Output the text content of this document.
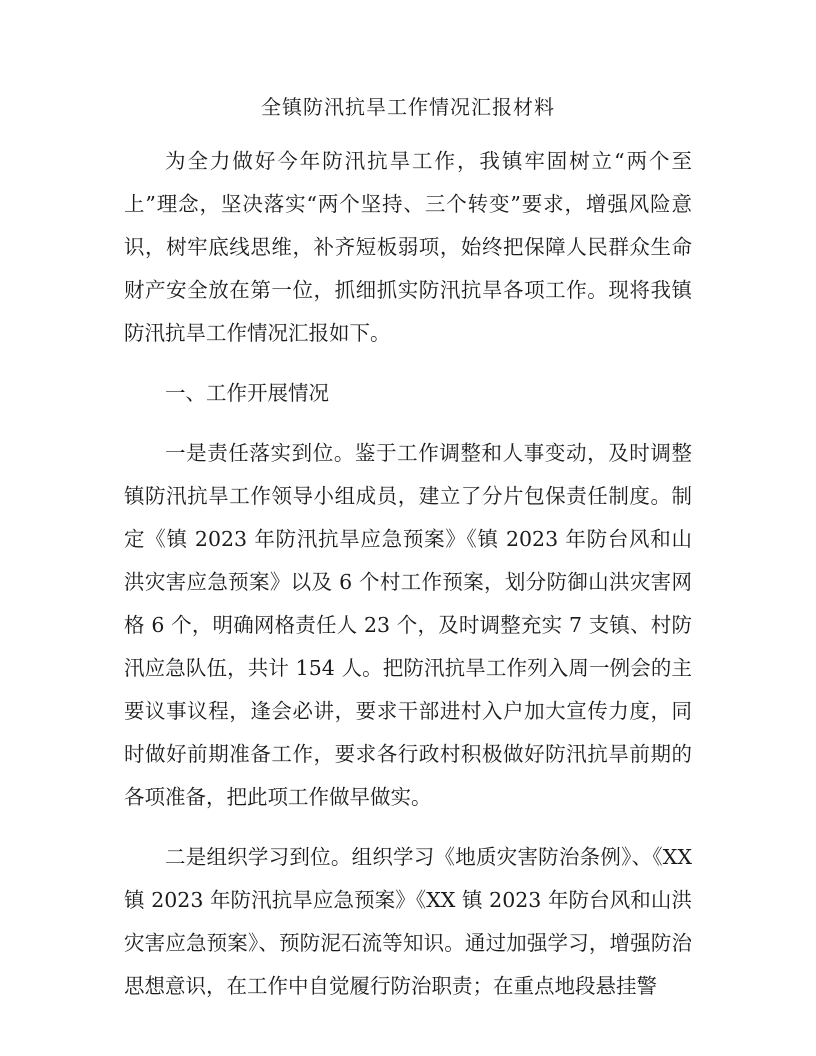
全镇防汛抗旱工作情况汇报材料

为全力做好今年防汛抗旱工作，我镇牢固树立“两个至上”理念，坚决落实“两个坚持、三个转变”要求，增强风险意识，树牢底线思维，补齐短板弱项，始终把保障人民群众生命财产安全放在第一位，抓细抓实防汛抗旱各项工作。现将我镇防汛抗旱工作情况汇报如下。

一、工作开展情况

一是责任落实到位。鉴于工作调整和人事变动，及时调整镇防汛抗旱工作领导小组成员，建立了分片包保责任制度。制定《镇 2023 年防汛抗旱应急预案》《镇 2023 年防台风和山洪灾害应急预案》以及 6 个村工作预案，划分防御山洪灾害网格 6 个，明确网格责任人 23 个，及时调整充实 7 支镇、村防汛应急队伍，共计 154 人。把防汛抗旱工作列入周一例会的主要议事议程，逢会必讲，要求干部进村入户加大宣传力度，同时做好前期准备工作，要求各行政村积极做好防汛抗旱前期的各项准备，把此项工作做早做实。

二是组织学习到位。组织学习《地质灾害防治条例》、《XX 镇 2023 年防汛抗旱应急预案》《XX 镇 2023 年防台风和山洪灾害应急预案》、预防泥石流等知识。通过加强学习，增强防治思想意识，在工作中自觉履行防治职责；在重点地段悬挂警
